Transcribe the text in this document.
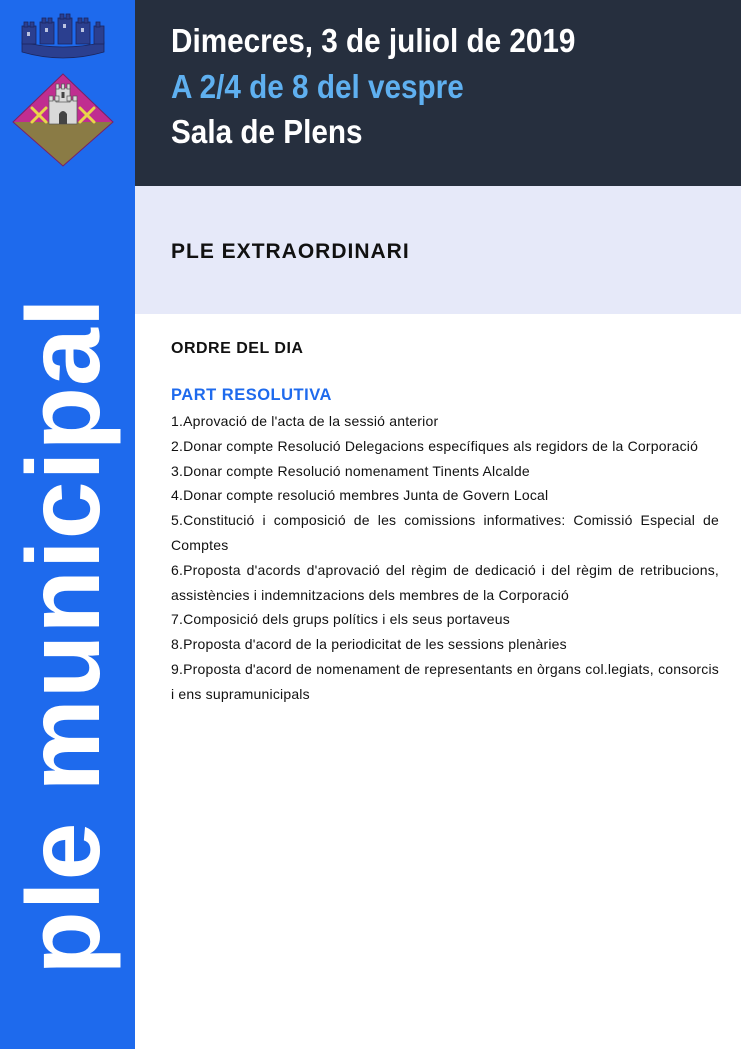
ple municipal
Dimecres, 3 de juliol de 2019
A 2/4 de 8 del vespre
Sala de Plens
PLE EXTRAORDINARI
ORDRE DEL DIA
PART RESOLUTIVA
1.Aprovació de l'acta de la sessió anterior
2.Donar compte Resolució Delegacions específiques als regidors de la Corporació
3.Donar compte Resolució nomenament Tinents Alcalde
4.Donar compte resolució membres Junta de Govern Local
5.Constitució i composició de les comissions informatives: Comissió Especial de Comptes
6.Proposta d'acords d'aprovació del règim de dedicació i del règim de retribucions, assistències i indemnitzacions dels membres de la Corporació
7.Composició dels grups polítics i els seus portaveus
8.Proposta d'acord de la periodicitat de les sessions plenàries
9.Proposta d'acord de nomenament de representants en òrgans col.legiats, consorcis i ens supramunicipals
